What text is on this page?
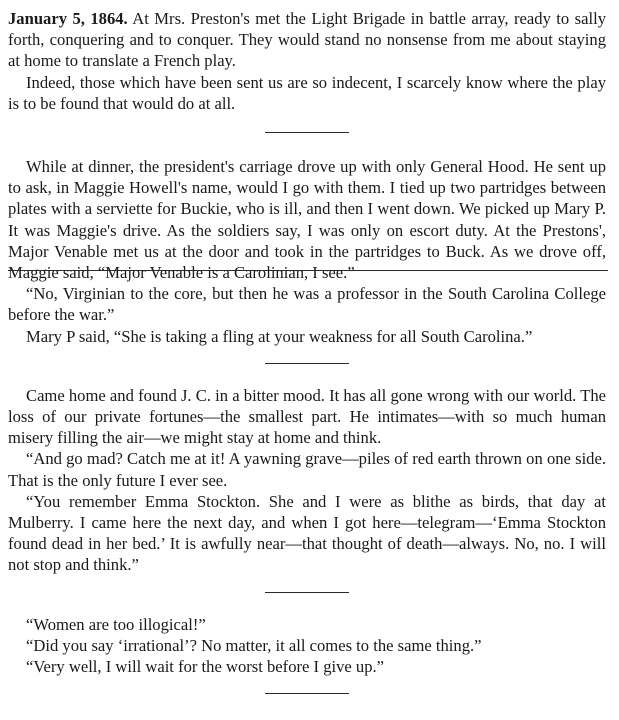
January 5, 1864. At Mrs. Preston's met the Light Brigade in battle array, ready to sally forth, conquering and to conquer. They would stand no nonsense from me about staying at home to translate a French play.

Indeed, those which have been sent us are so indecent, I scarcely know where the play is to be found that would do at all.

While at dinner, the president's carriage drove up with only General Hood. He sent up to ask, in Maggie Howell's name, would I go with them. I tied up two partridges between plates with a serviette for Buckie, who is ill, and then I went down. We picked up Mary P. It was Maggie's drive. As the soldiers say, I was only on escort duty. At the Prestons', Major Venable met us at the door and took in the partridges to Buck. As we drove off, Maggie said, “Major Venable is a Carolinian, I see.”

“No, Virginian to the core, but then he was a professor in the South Carolina College before the war.”

Mary P said, “She is taking a fling at your weakness for all South Carolina.”

Came home and found J. C. in a bitter mood. It has all gone wrong with our world. The loss of our private fortunes—the smallest part. He intimates—with so much human misery filling the air—we might stay at home and think.

“And go mad? Catch me at it! A yawning grave—piles of red earth thrown on one side. That is the only future I ever see.

“You remember Emma Stockton. She and I were as blithe as birds, that day at Mulberry. I came here the next day, and when I got here—telegram—‘Emma Stockton found dead in her bed.’ It is awfully near—that thought of death—always. No, no. I will not stop and think.”

“Women are too illogical!”

“Did you say ‘irrational’? No matter, it all comes to the same thing.”

“Very well, I will wait for the worst before I give up.”
